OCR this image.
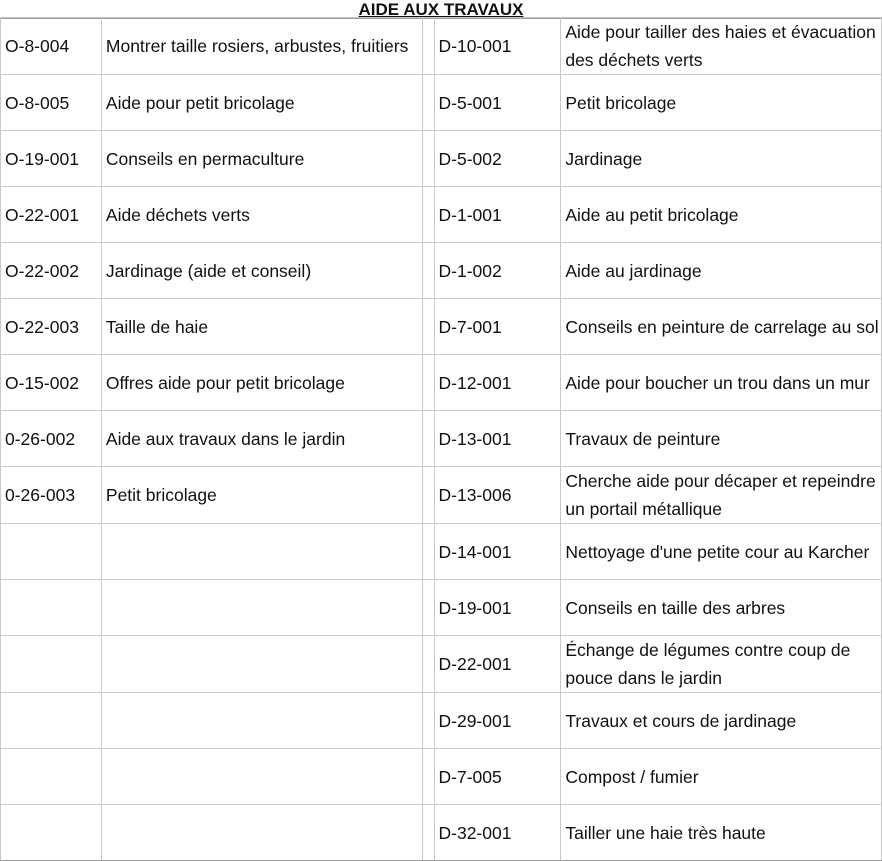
AIDE AUX TRAVAUX
O-8-004	Montrer taille rosiers, arbustes, fruitiers		D-10-001	Aide pour tailler des haies et évacuation des déchets verts
O-8-005	Aide pour petit bricolage		D-5-001	Petit bricolage
O-19-001	Conseils en permaculture		D-5-002	Jardinage
O-22-001	Aide déchets verts		D-1-001	Aide au petit bricolage
O-22-002	Jardinage (aide et conseil)		D-1-002	Aide au jardinage
O-22-003	Taille de haie		D-7-001	Conseils en peinture de carrelage au sol
O-15-002	Offres aide pour petit bricolage		D-12-001	Aide pour boucher un trou dans un mur
0-26-002	Aide aux travaux dans le jardin		D-13-001	Travaux de peinture
0-26-003	Petit bricolage		D-13-006	Cherche aide pour décaper et repeindre un portail métallique
			D-14-001	Nettoyage d'une petite cour au Karcher
			D-19-001	Conseils en taille des arbres
			D-22-001	Échange de légumes contre coup de pouce dans le jardin
			D-29-001	Travaux et cours de jardinage
			D-7-005	Compost / fumier
			D-32-001	Tailler une haie très haute
